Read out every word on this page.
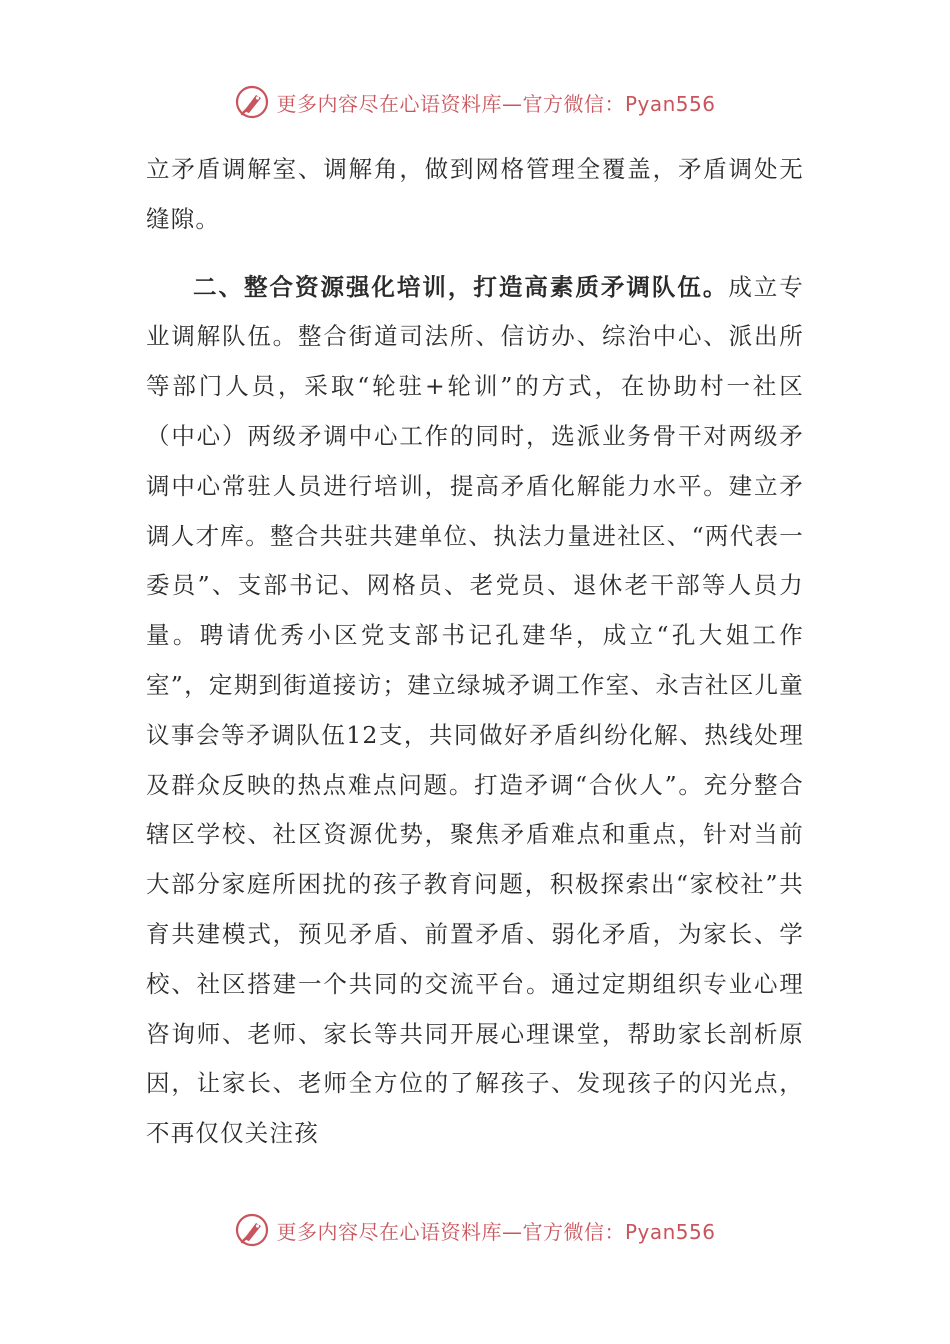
更多内容尽在心语资料库—官方微信：Pyan556

立矛盾调解室、调解角，做到网格管理全覆盖，矛盾调处无缝隙。

二、整合资源强化培训，打造高素质矛调队伍。成立专业调解队伍。整合街道司法所、信访办、综治中心、派出所等部门人员，采取“轮驻+轮训”的方式，在协助村一社区（中心）两级矛调中心工作的同时，选派业务骨干对两级矛调中心常驻人员进行培训，提高矛盾化解能力水平。建立矛调人才库。整合共驻共建单位、执法力量进社区、“两代表一委员”、支部书记、网格员、老党员、退休老干部等人员力量。聘请优秀小区党支部书记孔建华，成立“孔大姐工作室”，定期到街道接访；建立绿城矛调工作室、永吉社区儿童议事会等矛调队伍12支，共同做好矛盾纠纷化解、热线处理及群众反映的热点难点问题。打造矛调“合伙人”。充分整合辖区学校、社区资源优势，聚焦矛盾难点和重点，针对当前大部分家庭所困扰的孩子教育问题，积极探索出“家校社”共育共建模式，预见矛盾、前置矛盾、弱化矛盾，为家长、学校、社区搭建一个共同的交流平台。通过定期组织专业心理咨询师、老师、家长等共同开展心理课堂，帮助家长剖析原因，让家长、老师全方位的了解孩子、发现孩子的闪光点，不再仅仅关注孩

更多内容尽在心语资料库—官方微信：Pyan556
